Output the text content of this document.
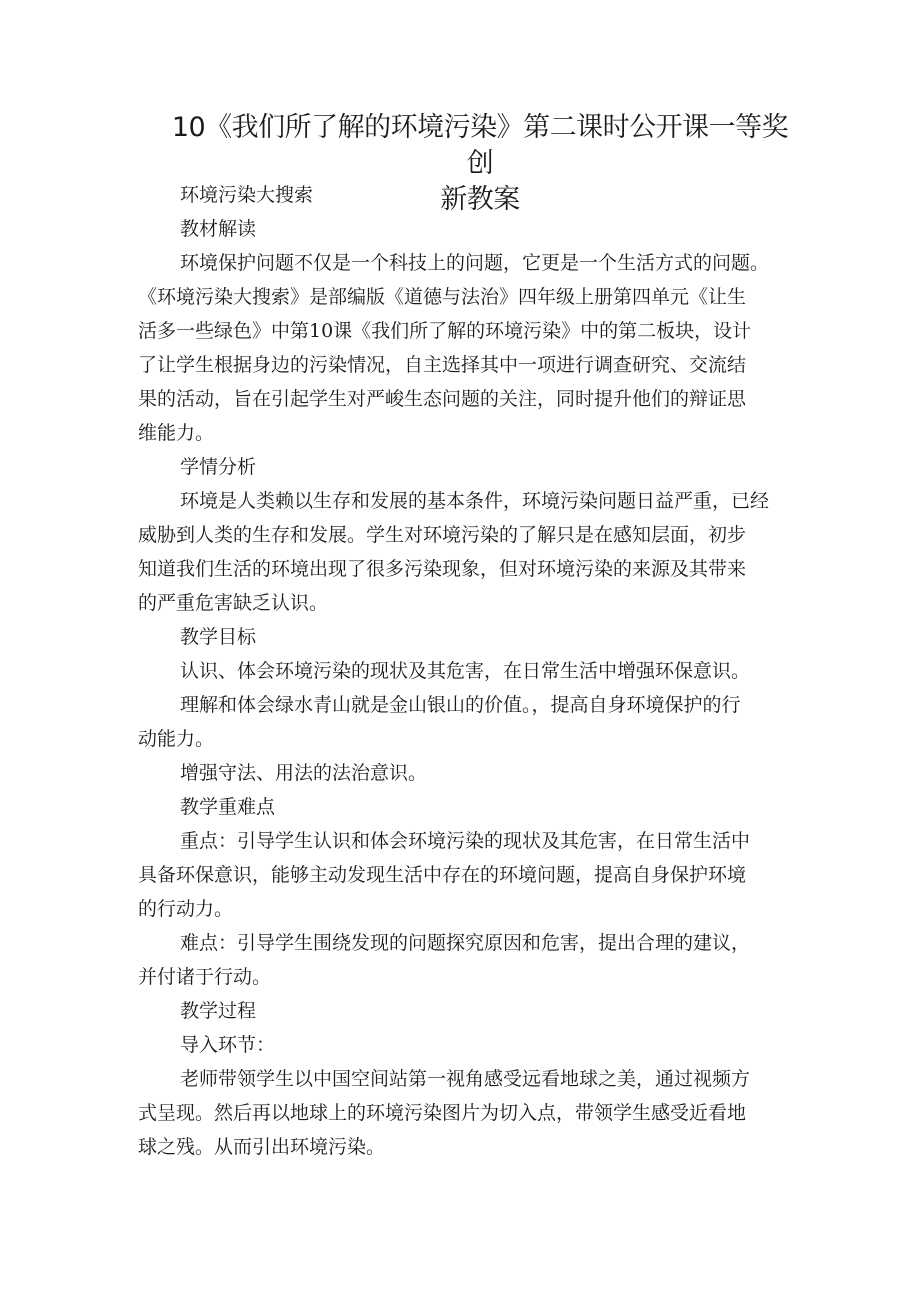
10《我们所了解的环境污染》第二课时公开课一等奖创
新教案

环境污染大搜索

教材解读

环境保护问题不仅是一个科技上的问题，它更是一个生活方式的问题。
《环境污染大搜索》是部编版《道德与法治》四年级上册第四单元《让生
活多一些绿色》中第10课《我们所了解的环境污染》中的第二板块，设计
了让学生根据身边的污染情况，自主选择其中一项进行调查研究、交流结
果的活动，旨在引起学生对严峻生态问题的关注，同时提升他们的辩证思
维能力。

学情分析

环境是人类赖以生存和发展的基本条件，环境污染问题日益严重，已经
威胁到人类的生存和发展。学生对环境污染的了解只是在感知层面，初步
知道我们生活的环境出现了很多污染现象，但对环境污染的来源及其带来
的严重危害缺乏认识。

教学目标

认识、体会环境污染的现状及其危害，在日常生活中增强环保意识。

理解和体会绿水青山就是金山银山的价值。，提高自身环境保护的行
动能力。

增强守法、用法的法治意识。

教学重难点

重点：引导学生认识和体会环境污染的现状及其危害，在日常生活中
具备环保意识，能够主动发现生活中存在的环境问题，提高自身保护环境
的行动力。

难点：引导学生围绕发现的问题探究原因和危害，提出合理的建议，
并付诸于行动。

教学过程

导入环节：

老师带领学生以中国空间站第一视角感受远看地球之美，通过视频方
式呈现。然后再以地球上的环境污染图片为切入点，带领学生感受近看地
球之残。从而引出环境污染。
